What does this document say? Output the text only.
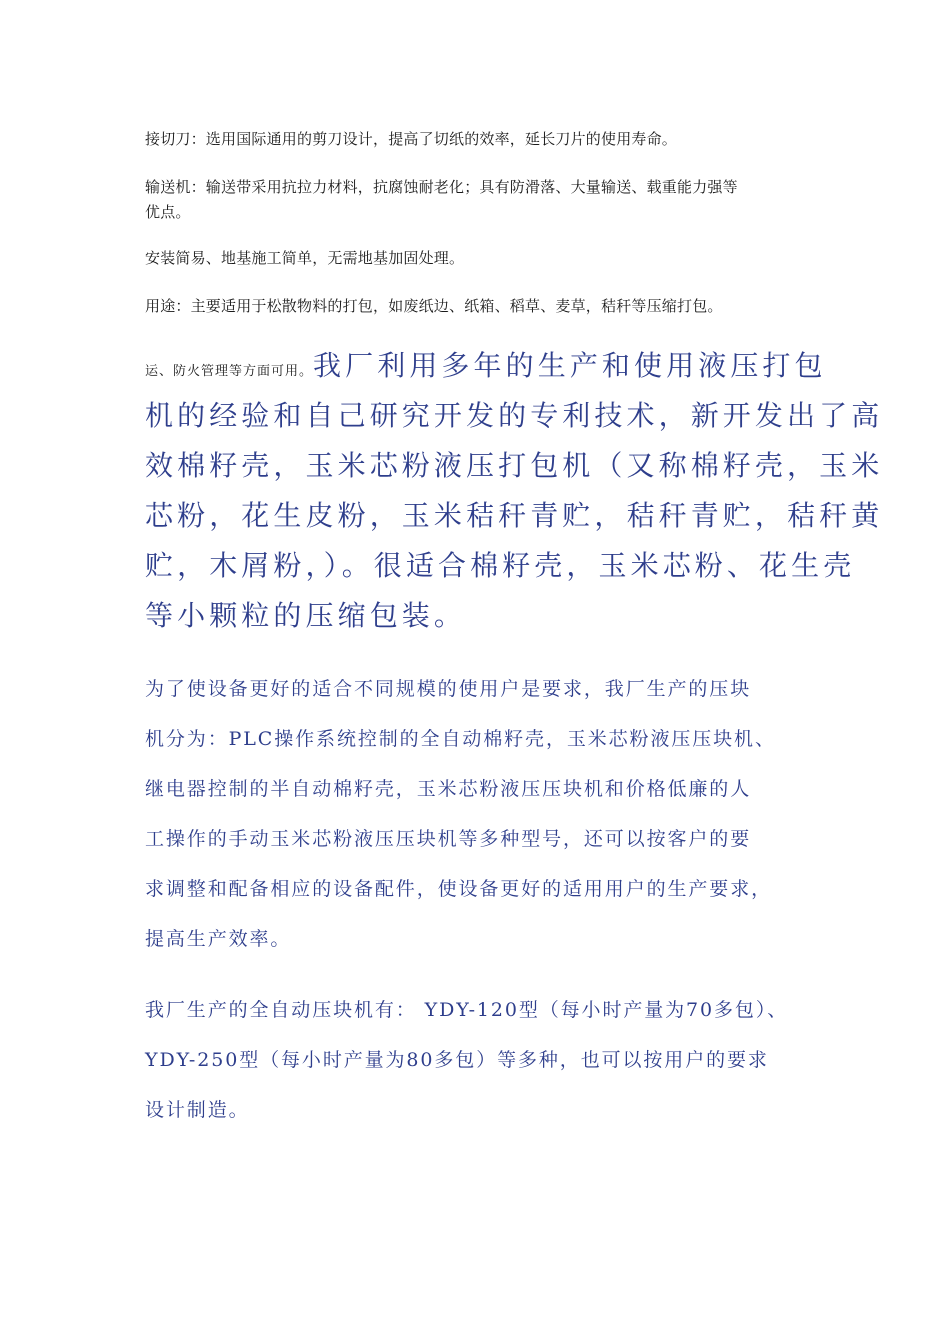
接切刀：选用国际通用的剪刀设计，提高了切纸的效率，延长刀片的使用寿命。

输送机：输送带采用抗拉力材料，抗腐蚀耐老化；具有防滑落、大量输送、载重能力强等

优点。

安装简易、地基施工简单，无需地基加固处理。

用途：主要适用于松散物料的打包，如废纸边、纸箱、稻草、麦草，秸秆等压缩打包。

运、防火管理等方面可用。我厂利用多年的生产和使用液压打包

机的经验和自己研究开发的专利技术，新开发出了高

效棉籽壳，玉米芯粉液压打包机（又称棉籽壳，玉米

芯粉，花生皮粉，玉米秸秆青贮，秸秆青贮，秸秆黄

贮，木屑粉，）。很适合棉籽壳，玉米芯粉、花生壳

等小颗粒的压缩包装。

为了使设备更好的适合不同规模的使用户是要求，我厂生产的压块

机分为：PLC操作系统控制的全自动棉籽壳，玉米芯粉液压压块机、

继电器控制的半自动棉籽壳，玉米芯粉液压压块机和价格低廉的人

工操作的手动玉米芯粉液压压块机等多种型号，还可以按客户的要

求调整和配备相应的设备配件，使设备更好的适用用户的生产要求，

提高生产效率。

我厂生产的全自动压块机有： YDY-120型（每小时产量为70多包）、

YDY-250型（每小时产量为80多包）等多种，也可以按用户的要求

设计制造。
